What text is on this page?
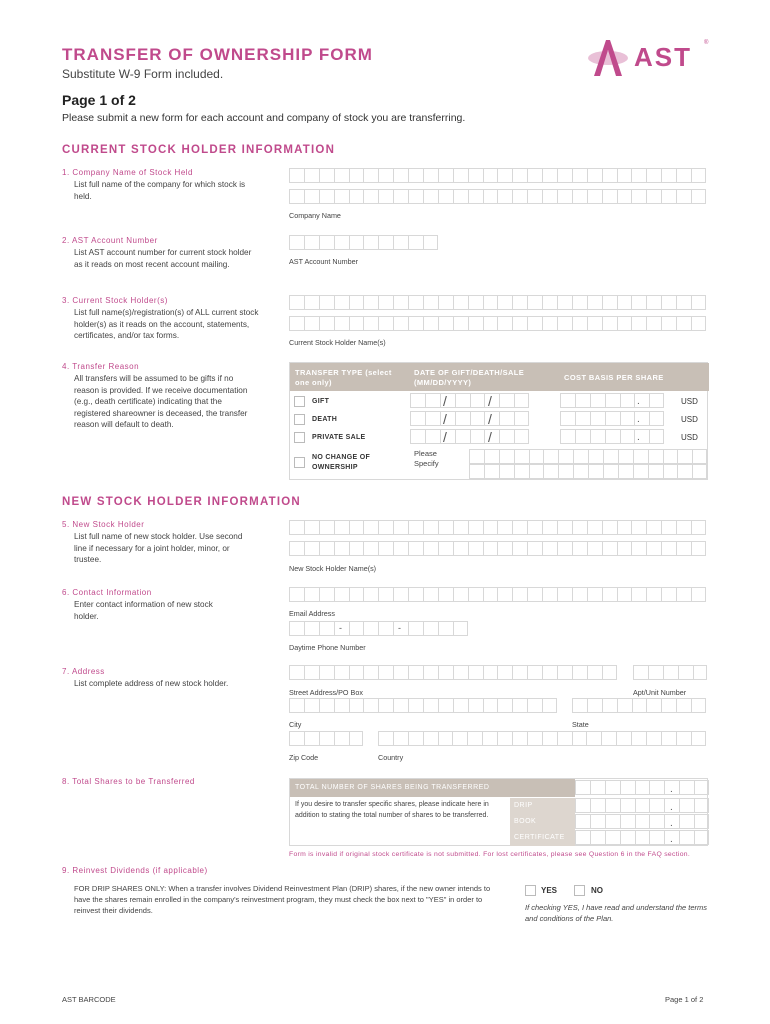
TRANSFER OF OWNERSHIP FORM
Substitute W-9 Form included.
Page 1 of 2
Please submit a new form for each account and company of stock you are transferring.
AST ®
CURRENT STOCK HOLDER INFORMATION
1. Company Name of Stock Held
List full name of the company for which stock is held.
Company Name
2. AST Account Number
List AST account number for current stock holder as it reads on most recent account mailing.	AST Account Number
3. Current Stock Holder(s)
List full name(s)/registration(s) of ALL current stock holder(s) as it reads on the account, statements, certificates, and/or tax forms.
Current Stock Holder Name(s)
4. Transfer Reason
All transfers will be assumed to be gifts if no reason is provided. If we receive documentation (e.g., death certificate) indicating that the registered shareowner is deceased, the transfer reason will default to death.
TRANSFER TYPE (select one only)
DATE OF GIFT/DEATH/SALE (MM/DD/YYYY)
COST BASIS PER SHARE
GIFT	/	/	.	USD
DEATH	/	/	.	USD
PRIVATE SALE	/	/	.	USD
NO CHANGE OF OWNERSHIP
Please Specify
NEW STOCK HOLDER INFORMATION
5. New Stock Holder
List full name of new stock holder. Use second line if necessary for a joint holder, minor, or trustee.
New Stock Holder Name(s)
6. Contact Information
Enter contact information of new stock holder.	Email Address
-	-
Daytime Phone Number
7. Address
List complete address of new stock holder.
Street Address/PO Box	Apt/Unit Number
City	State
Zip Code	Country
8. Total Shares to be Transferred
TOTAL NUMBER OF SHARES BEING TRANSFERRED	.
If you desire to transfer specific shares, please indicate here in addition to stating the total number of shares to be transferred.
DRIP	.
BOOK	.
CERTIFICATE	.
Form is invalid if original stock certificate is not submitted. For lost certificates, please see Question 6 in the FAQ section.
9. Reinvest Dividends (if applicable)
FOR DRIP SHARES ONLY: When a transfer involves Dividend Reinvestment Plan (DRIP) shares, if the new owner intends to have the shares remain enrolled in the company's reinvestment program, they must check the box next to "YES" in order to reinvest their dividends.
YES	NO
If checking YES, I have read and understand the terms and conditions of the Plan.
AST BARCODE	Page 1 of 2
